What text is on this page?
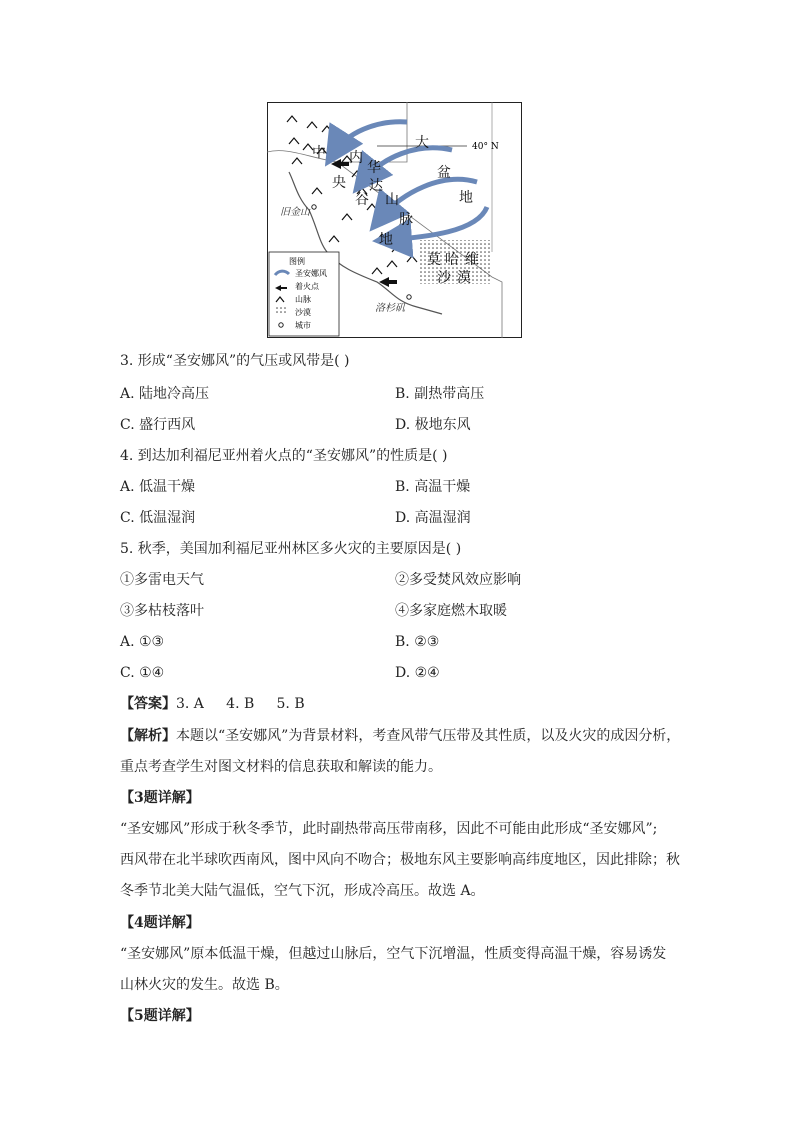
40° N
大
盆
地
中
央
谷
地
内
华
达
山
脉
莫 哈 维
沙 漠
旧金山
洛杉矶
图例
圣安娜风
着火点
山脉
沙漠
城市
3. 形成“圣安娜风”的气压或风带是( )
A. 陆地冷高压	B. 副热带高压
C. 盛行西风	D. 极地东风
4. 到达加利福尼亚州着火点的“圣安娜风”的性质是( )
A. 低温干燥	B. 高温干燥
C. 低温湿润	D. 高温湿润
5. 秋季，美国加利福尼亚州林区多火灾的主要原因是( )
①多雷电天气	②多受焚风效应影响
③多枯枝落叶	④多家庭燃木取暖
A. ①③	B. ②③
C. ①④	D. ②④
【答案】3. A     4. B     5. B
【解析】本题以“圣安娜风”为背景材料，考查风带气压带及其性质，以及火灾的成因分析，
重点考查学生对图文材料的信息获取和解读的能力。
【3题详解】
“圣安娜风”形成于秋冬季节，此时副热带高压带南移，因此不可能由此形成“圣安娜风”;
西风带在北半球吹西南风，图中风向不吻合；极地东风主要影响高纬度地区，因此排除；秋
冬季节北美大陆气温低，空气下沉，形成冷高压。故选 A。
【4题详解】
“圣安娜风”原本低温干燥，但越过山脉后，空气下沉增温，性质变得高温干燥，容易诱发
山林火灾的发生。故选 B。
【5题详解】
